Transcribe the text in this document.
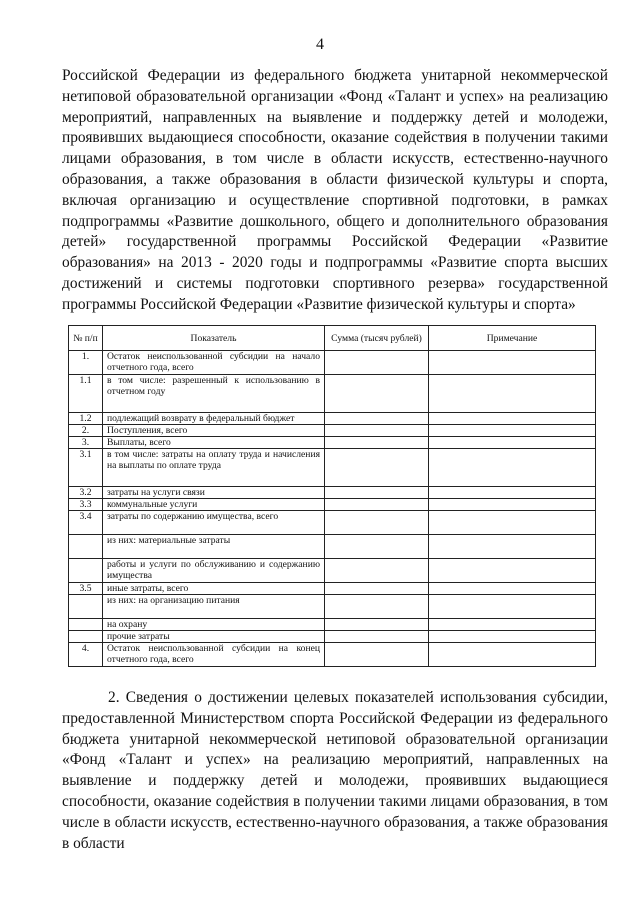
4
Российской Федерации из федерального бюджета унитарной некоммерческой нетиповой образовательной организации «Фонд «Талант и успех» на реализацию мероприятий, направленных на выявление и поддержку детей и молодежи, проявивших выдающиеся способности, оказание содействия в получении такими лицами образования, в том числе в области искусств, естественно-научного образования, а также образования в области физической культуры и спорта, включая организацию и осуществление спортивной подготовки, в рамках подпрограммы «Развитие дошкольного, общего и дополнительного образования детей» государственной программы Российской Федерации «Развитие образования» на 2013 - 2020 годы и подпрограммы «Развитие спорта высших достижений и системы подготовки спортивного резерва» государственной программы Российской Федерации «Развитие физической культуры и спорта»
№ п/п	Показатель	Сумма (тысяч рублей)	Примечание
1.	Остаток неиспользованной субсидии на начало отчетного года, всего		
1.1	в том числе: разрешенный к использованию в отчетном году		
1.2	подлежащий возврату в федеральный бюджет		
2.	Поступления, всего		
3.	Выплаты, всего		
3.1	в том числе: затраты на оплату труда и начисления на выплаты по оплате труда		
3.2	затраты на услуги связи		
3.3	коммунальные услуги		
3.4	затраты по содержанию имущества, всего		
	из них: материальные затраты		
	работы и услуги по обслуживанию и содержанию имущества		
3.5	иные затраты, всего		
	из них: на организацию питания		
	на охрану		
	прочие затраты		
4.	Остаток неиспользованной субсидии на конец отчетного года, всего		
2. Сведения о достижении целевых показателей использования субсидии, предоставленной Министерством спорта Российской Федерации из федерального бюджета унитарной некоммерческой нетиповой образовательной организации «Фонд «Талант и успех» на реализацию мероприятий, направленных на выявление и поддержку детей и молодежи, проявивших выдающиеся способности, оказание содействия в получении такими лицами образования, в том числе в области искусств, естественно-научного образования, а также образования в области
